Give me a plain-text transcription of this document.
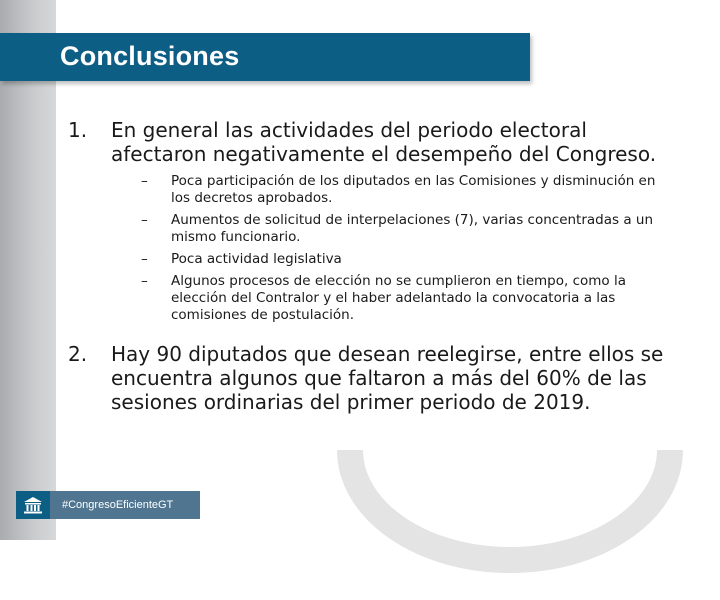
Conclusiones
1.	En general las actividades del periodo electoral afectaron negativamente el desempeño del Congreso.
–	Poca participación de los diputados en las Comisiones y disminución en los decretos aprobados.
–	Aumentos de solicitud de interpelaciones (7), varias concentradas a un mismo funcionario.
–	Poca actividad legislativa
–	Algunos procesos de elección no se cumplieron en tiempo, como la elección del Contralor y el haber adelantado la convocatoria a las comisiones de postulación.
2.	Hay 90 diputados que desean reelegirse, entre ellos se encuentra algunos que faltaron a más del 60% de las sesiones ordinarias del primer periodo de 2019.
#CongresoEficienteGT
